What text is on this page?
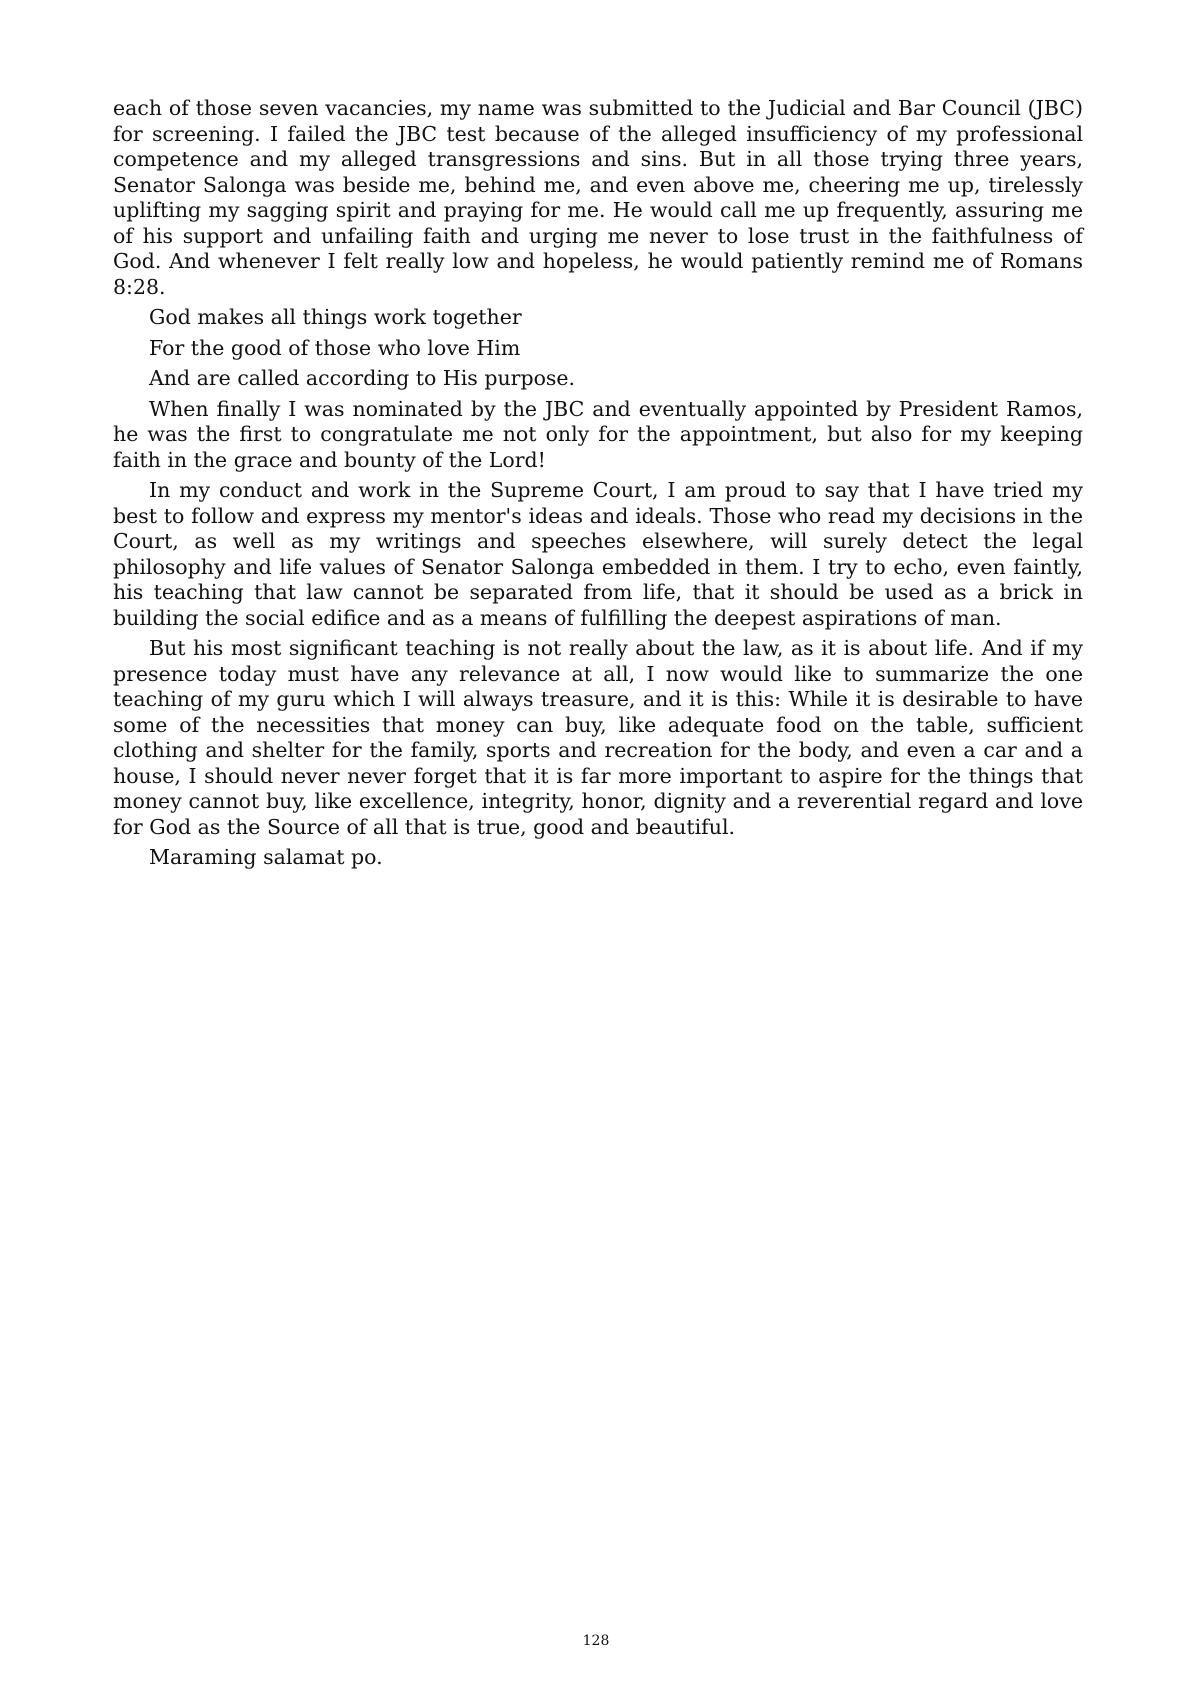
each of those seven vacancies, my name was submitted to the Judicial and Bar Council (JBC) for screening. I failed the JBC test because of the alleged insufficiency of my professional competence and my alleged transgressions and sins. But in all those trying three years, Senator Salonga was beside me, behind me, and even above me, cheering me up, tirelessly uplifting my sagging spirit and praying for me. He would call me up frequently, assuring me of his support and unfailing faith and urging me never to lose trust in the faithfulness of God. And whenever I felt really low and hopeless, he would patiently remind me of Romans 8:28.

God makes all things work together

For the good of those who love Him

And are called according to His purpose.

When finally I was nominated by the JBC and eventually appointed by President Ramos, he was the first to congratulate me not only for the appointment, but also for my keeping faith in the grace and bounty of the Lord!

In my conduct and work in the Supreme Court, I am proud to say that I have tried my best to follow and express my mentor's ideas and ideals. Those who read my decisions in the Court, as well as my writings and speeches elsewhere, will surely detect the legal philosophy and life values of Senator Salonga embedded in them. I try to echo, even faintly, his teaching that law cannot be separated from life, that it should be used as a brick in building the social edifice and as a means of fulfilling the deepest aspirations of man.

But his most significant teaching is not really about the law, as it is about life. And if my presence today must have any relevance at all, I now would like to summarize the one teaching of my guru which I will always treasure, and it is this: While it is desirable to have some of the necessities that money can buy, like adequate food on the table, sufficient clothing and shelter for the family, sports and recreation for the body, and even a car and a house, I should never never forget that it is far more important to aspire for the things that money cannot buy, like excellence, integrity, honor, dignity and a reverential regard and love for God as the Source of all that is true, good and beautiful.

Maraming salamat po.

128
